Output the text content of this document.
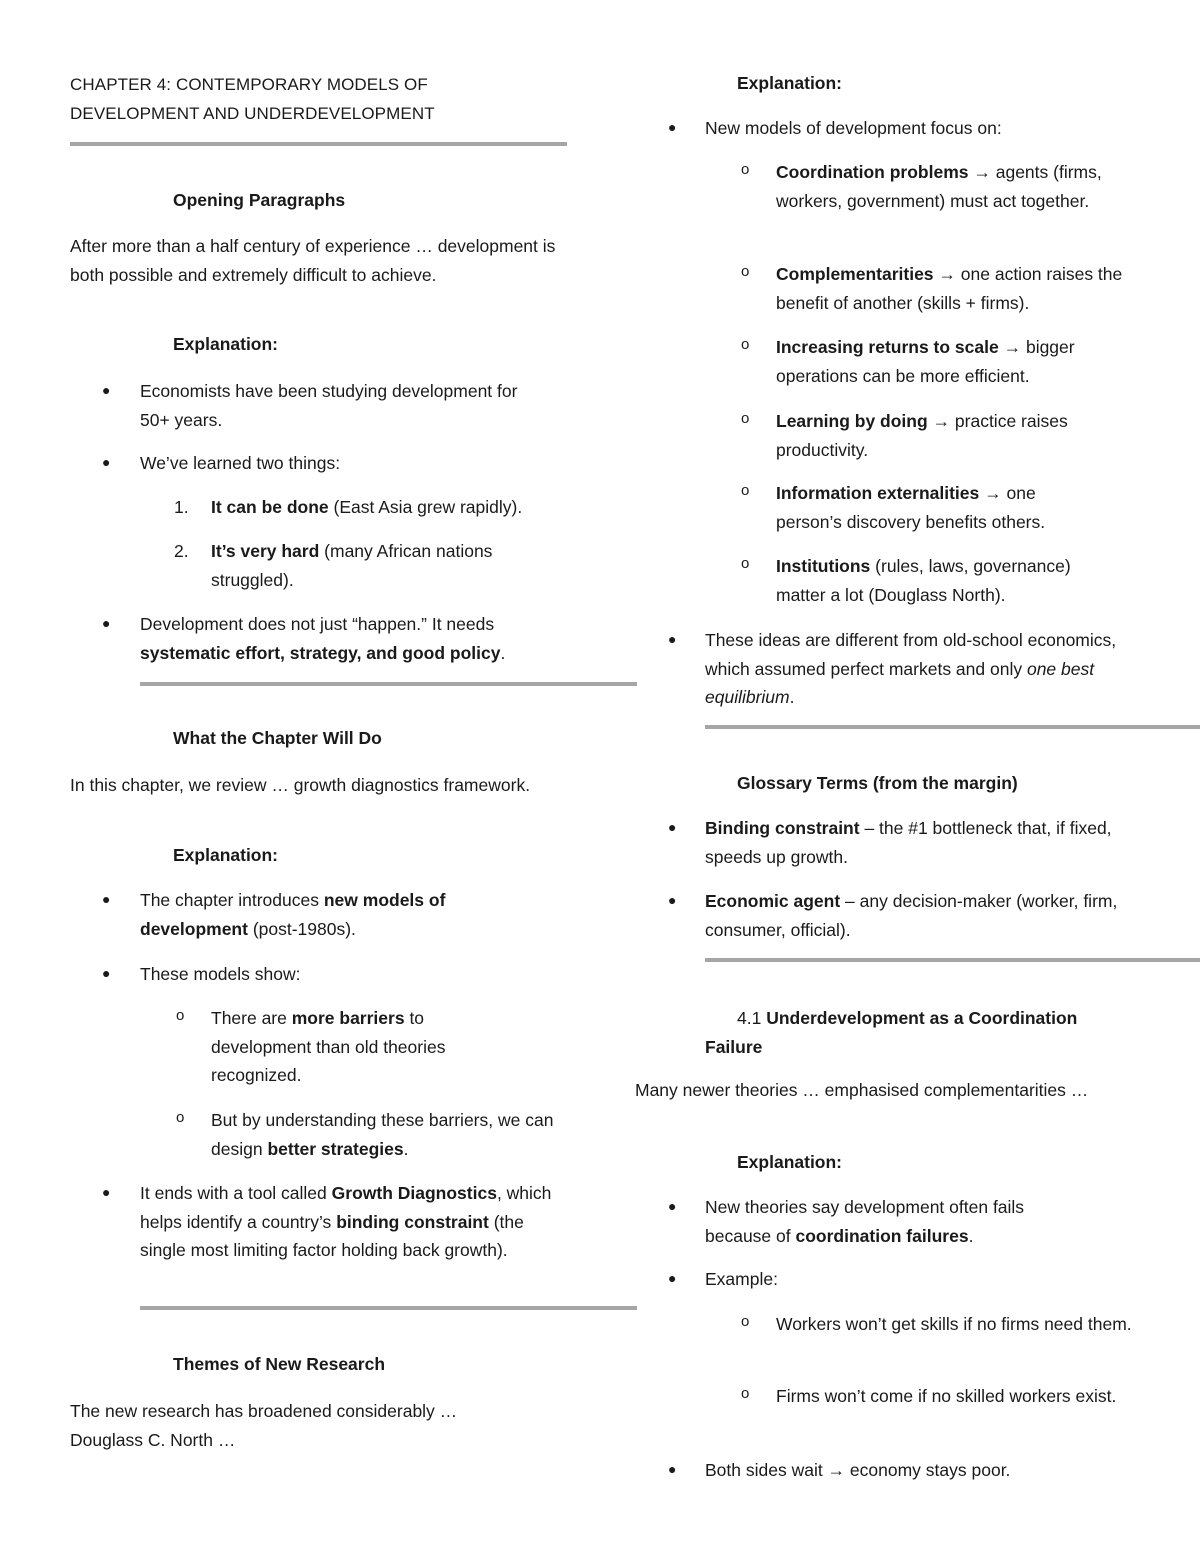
CHAPTER 4: CONTEMPORARY MODELS OF
DEVELOPMENT AND UNDERDEVELOPMENT
Opening Paragraphs
After more than a half century of experience … development is both possible and extremely difficult to achieve.
Explanation:
● Economists have been studying development for 50+ years.
● We’ve learned two things:
1. It can be done (East Asia grew rapidly).
2. It’s very hard (many African nations struggled).
● Development does not just “happen.” It needs systematic effort, strategy, and good policy.
What the Chapter Will Do
In this chapter, we review … growth diagnostics framework.
Explanation:
● The chapter introduces new models of development (post-1980s).
● These models show:
o There are more barriers to development than old theories recognized.
o But by understanding these barriers, we can design better strategies.
● It ends with a tool called Growth Diagnostics, which helps identify a country’s binding constraint (the single most limiting factor holding back growth).
Themes of New Research
The new research has broadened considerably … Douglass C. North …
Explanation:
● New models of development focus on:
o Coordination problems → agents (firms, workers, government) must act together.
o Complementarities → one action raises the benefit of another (skills + firms).
o Increasing returns to scale → bigger operations can be more efficient.
o Learning by doing → practice raises productivity.
o Information externalities → one person’s discovery benefits others.
o Institutions (rules, laws, governance) matter a lot (Douglass North).
● These ideas are different from old-school economics, which assumed perfect markets and only one best equilibrium.
Glossary Terms (from the margin)
● Binding constraint – the #1 bottleneck that, if fixed, speeds up growth.
● Economic agent – any decision-maker (worker, firm, consumer, official).
4.1 Underdevelopment as a Coordination Failure
Many newer theories … emphasised complementarities …
Explanation:
● New theories say development often fails because of coordination failures.
● Example:
o Workers won’t get skills if no firms need them.
o Firms won’t come if no skilled workers exist.
● Both sides wait → economy stays poor.
